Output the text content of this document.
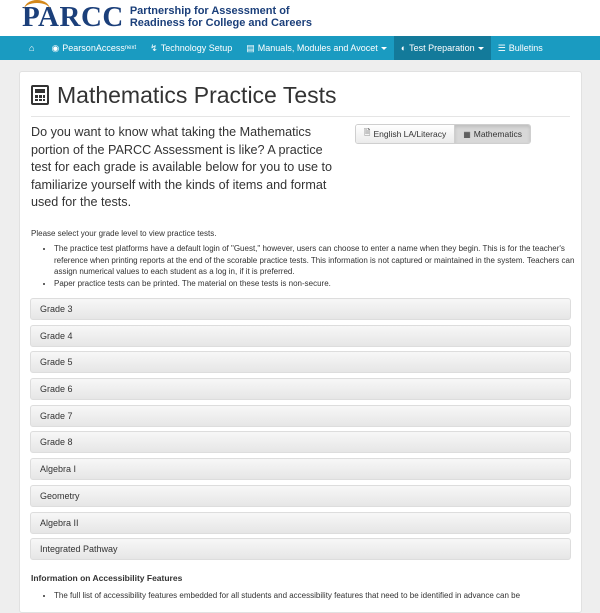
PARCC Partnership for Assessment of
Readiness for College and Careers
⌂ ◉ PearsonAccess next ↯ Technology Setup ▤ Manuals, Modules and Avocet	◐ Test Preparation	☰ Bulletins
Mathematics Practice Tests
Do you want to know what taking the Mathematics portion of the PARCC Assessment is like? A practice test for each grade is available below for you to use to familiarize yourself with the kinds of items and format used for the tests.
🗎 English LA/Literacy ▦ Mathematics
Please select your grade level to view practice tests.
• The practice test platforms have a default login of "Guest," however, users can choose to enter a name when they begin. This is for the teacher's reference when printing reports at the end of the scorable practice tests. This information is not captured or maintained in the system. Teachers can assign numerical values to each student as a log in, if it is preferred.
• Paper practice tests can be printed. The material on these tests is non-secure.
Grade 3
Grade 4
Grade 5
Grade 6
Grade 7
Grade 8
Algebra I
Geometry
Algebra II
Integrated Pathway
Information on Accessibility Features
• The full list of accessibility features embedded for all students and accessibility features that need to be identified in advance can be
